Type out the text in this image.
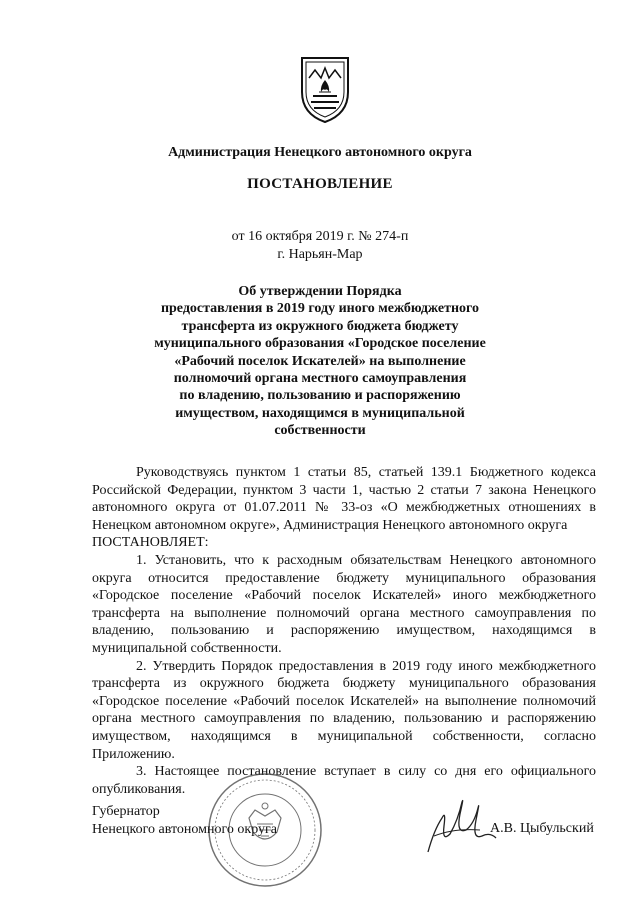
Администрация Ненецкого автономного округа
ПОСТАНОВЛЕНИЕ
от 16 октября 2019 г. № 274-п
г. Нарьян-Мар
Об утверждении Порядка
предоставления в 2019 году иного межбюджетного
трансферта из окружного бюджета бюджету
муниципального образования «Городское поселение
«Рабочий поселок Искателей» на выполнение
полномочий органа местного самоуправления
по владению, пользованию и распоряжению
имуществом, находящимся в муниципальной
собственности

Руководствуясь пунктом 1 статьи 85, статьей 139.1 Бюджетного кодекса Российской Федерации, пунктом 3 части 1, частью 2 статьи 7 закона Ненецкого автономного округа от 01.07.2011 № 33-оз «О межбюджетных отношениях в Ненецком автономном округе», Администрация Ненецкого автономного округа

ПОСТАНОВЛЯЕТ:

1. Установить, что к расходным обязательствам Ненецкого автономного округа относится предоставление бюджету муниципального образования «Городское поселение «Рабочий поселок Искателей» иного межбюджетного трансферта на выполнение полномочий органа местного самоуправления по владению, пользованию и распоряжению имуществом, находящимся в муниципальной собственности.

2. Утвердить Порядок предоставления в 2019 году иного межбюджетного трансферта из окружного бюджета бюджету муниципального образования «Городское поселение «Рабочий поселок Искателей» на выполнение полномочий органа местного самоуправления по владению, пользованию и распоряжению имуществом, находящимся в муниципальной собственности, согласно Приложению.

3. Настоящее постановление вступает в силу со дня его официального опубликования.

Губернатор
Ненецкого автономного округа	А.В. Цыбульский
